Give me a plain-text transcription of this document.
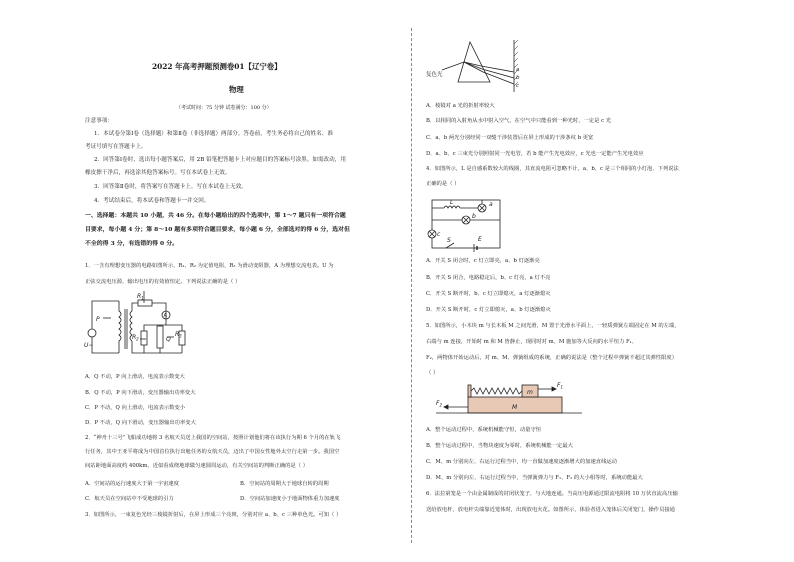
2022 年高考押题预测卷01【辽宁卷】
物理
（考试时间：75 分钟 试卷满分：100 分）
注意事项：
1．本试卷分第Ⅰ卷（选择题）和第Ⅱ卷（非选择题）两部分。答卷前，考生务必将自己的姓名、准
考证号填写在答题卡上。
2．回答第Ⅰ卷时，选出每小题答案后，用 2B 铅笔把答题卡上对应题目的答案标号涂黑。如需改动，用
橡皮擦干净后，再选涂其他答案标号。写在本试卷上无效。
3．回答第Ⅱ卷时，将答案写在答题卡上。写在本试卷上无效。
4．考试结束后，将本试卷和答题卡一并交回。
一、选择题：本题共 10 小题，共 46 分。在每小题给出的四个选项中，第 1～7 题只有一项符合题
目要求，每小题 4 分；第 8～10 题有多项符合题目要求，每小题 6 分，全部选对的得 6 分，选对但
不全的得 3 分，有选错的得 0 分。
1．一含有理想变压器的电路如图所示，R₁、R₂ 为定值电阻，R₃ 为滑动变阻器，A 为理想交流电表。U 为
正弦交流电压源，输出电压的有效值恒定。下列说法正确的是（ ）
$R_1$
$R_2$
$R_3$
A
P
Q
U∼
A．Q 不动，P 向上滑动，电流表示数变大
B．Q 不动，P 向下滑动，变压器输出功率变大
C．P 不动，Q 向上滑动，电流表示数变小
D．P 不动，Q 向下滑动，变压器输出功率变大
2．“神舟十三号”飞船成功地将 3 名航天员送上我国的空间站，按照计划他们将在该执行为期 6 个月的在轨飞
行任务，其中王亚平将成为中国首位执行出舱任务的女航天员，迈出了中国女性舱外太空行走第一步。我国空
间站距地面高度约 400km，近似看成绕地球做匀速圆周运动，有关空间站的判断正确的是（ ）
A．空间站的运行速度大于第一宇宙速度	B．空间站的周期大于地球自转的周期
C．航天员在空间站中不受地球的引力	D．空间站加速度小于地面物体重力加速度
3．如图所示，一束复色光经三棱镜折射后，在屏上形成三个亮斑，分别对应 a、b、c 三种单色光。可知（ ）
复色光
a
b
c
A．棱镜对 a 光的折射率较大
B．以相同的入射角从水中射入空气，在空气中只能看到一种光时，一定是 c 光
C．a、b 两光分别经同一双缝干涉装置后在屏上形成的干涉条纹 b 更宽
D．a、b、c 三束光分别照射同一光电管，若 b 能产生光电效应，c 光也一定能产生光电效应
4．如图所示，L 是自感系数较大的线圈，其直流电阻可忽略不计，a、b、c 是三个相同的小灯泡，下列说法
正确的是（ ）
L	a
b
c
S	E
A．开关 S 闭合时，c 灯立即亮，a、b 灯逐渐亮
B．开关 S 闭合，电路稳定后，b、c 灯亮，a 灯不亮
C．开关 S 断开时，b、c 灯立即熄灭，a 灯逐渐熄灭
D．开关 S 断开时，c 灯立即熄灭，a、b 灯逐渐熄灭
5．如图所示，小木块 m 与长木板 M 之间光滑，M 置于光滑水平面上，一轻质弹簧左端固定在 M 的左端，
右端与 m 连接，开始时 m 和 M 皆静止，现同时对 m、M 施加等大反向的水平恒力 F₁、
F₂，两物体开始运动后，对 m、M、弹簧组成的系统，正确的说法是（整个过程中弹簧不超过其弹性限度）
（ ）
m
M
$F_1$
$F_2$
A．整个运动过程中，系统机械能守恒，动量守恒
B．整个运动过程中，当物块速度为零时，系统机械能一定最大
C．M、m 分别向左、右运行过程当中，均一直做加速度逐渐增大的加速直线运动
D．M、m 分别向左、右运行过程当中，当弹簧弹力与 F₁、F₂ 的大小相等时，系统动能最大
6．法拉第笼是一个由金属制成的封闭状笼子，与大地连通。当高压电源通过限流电阻将 10 万伏直流高压输
送给放电杆，放电杆尖端靠近笼体时，出现放电火花。如图所示，体验者进入笼体后关闭笼门，操作员接通
